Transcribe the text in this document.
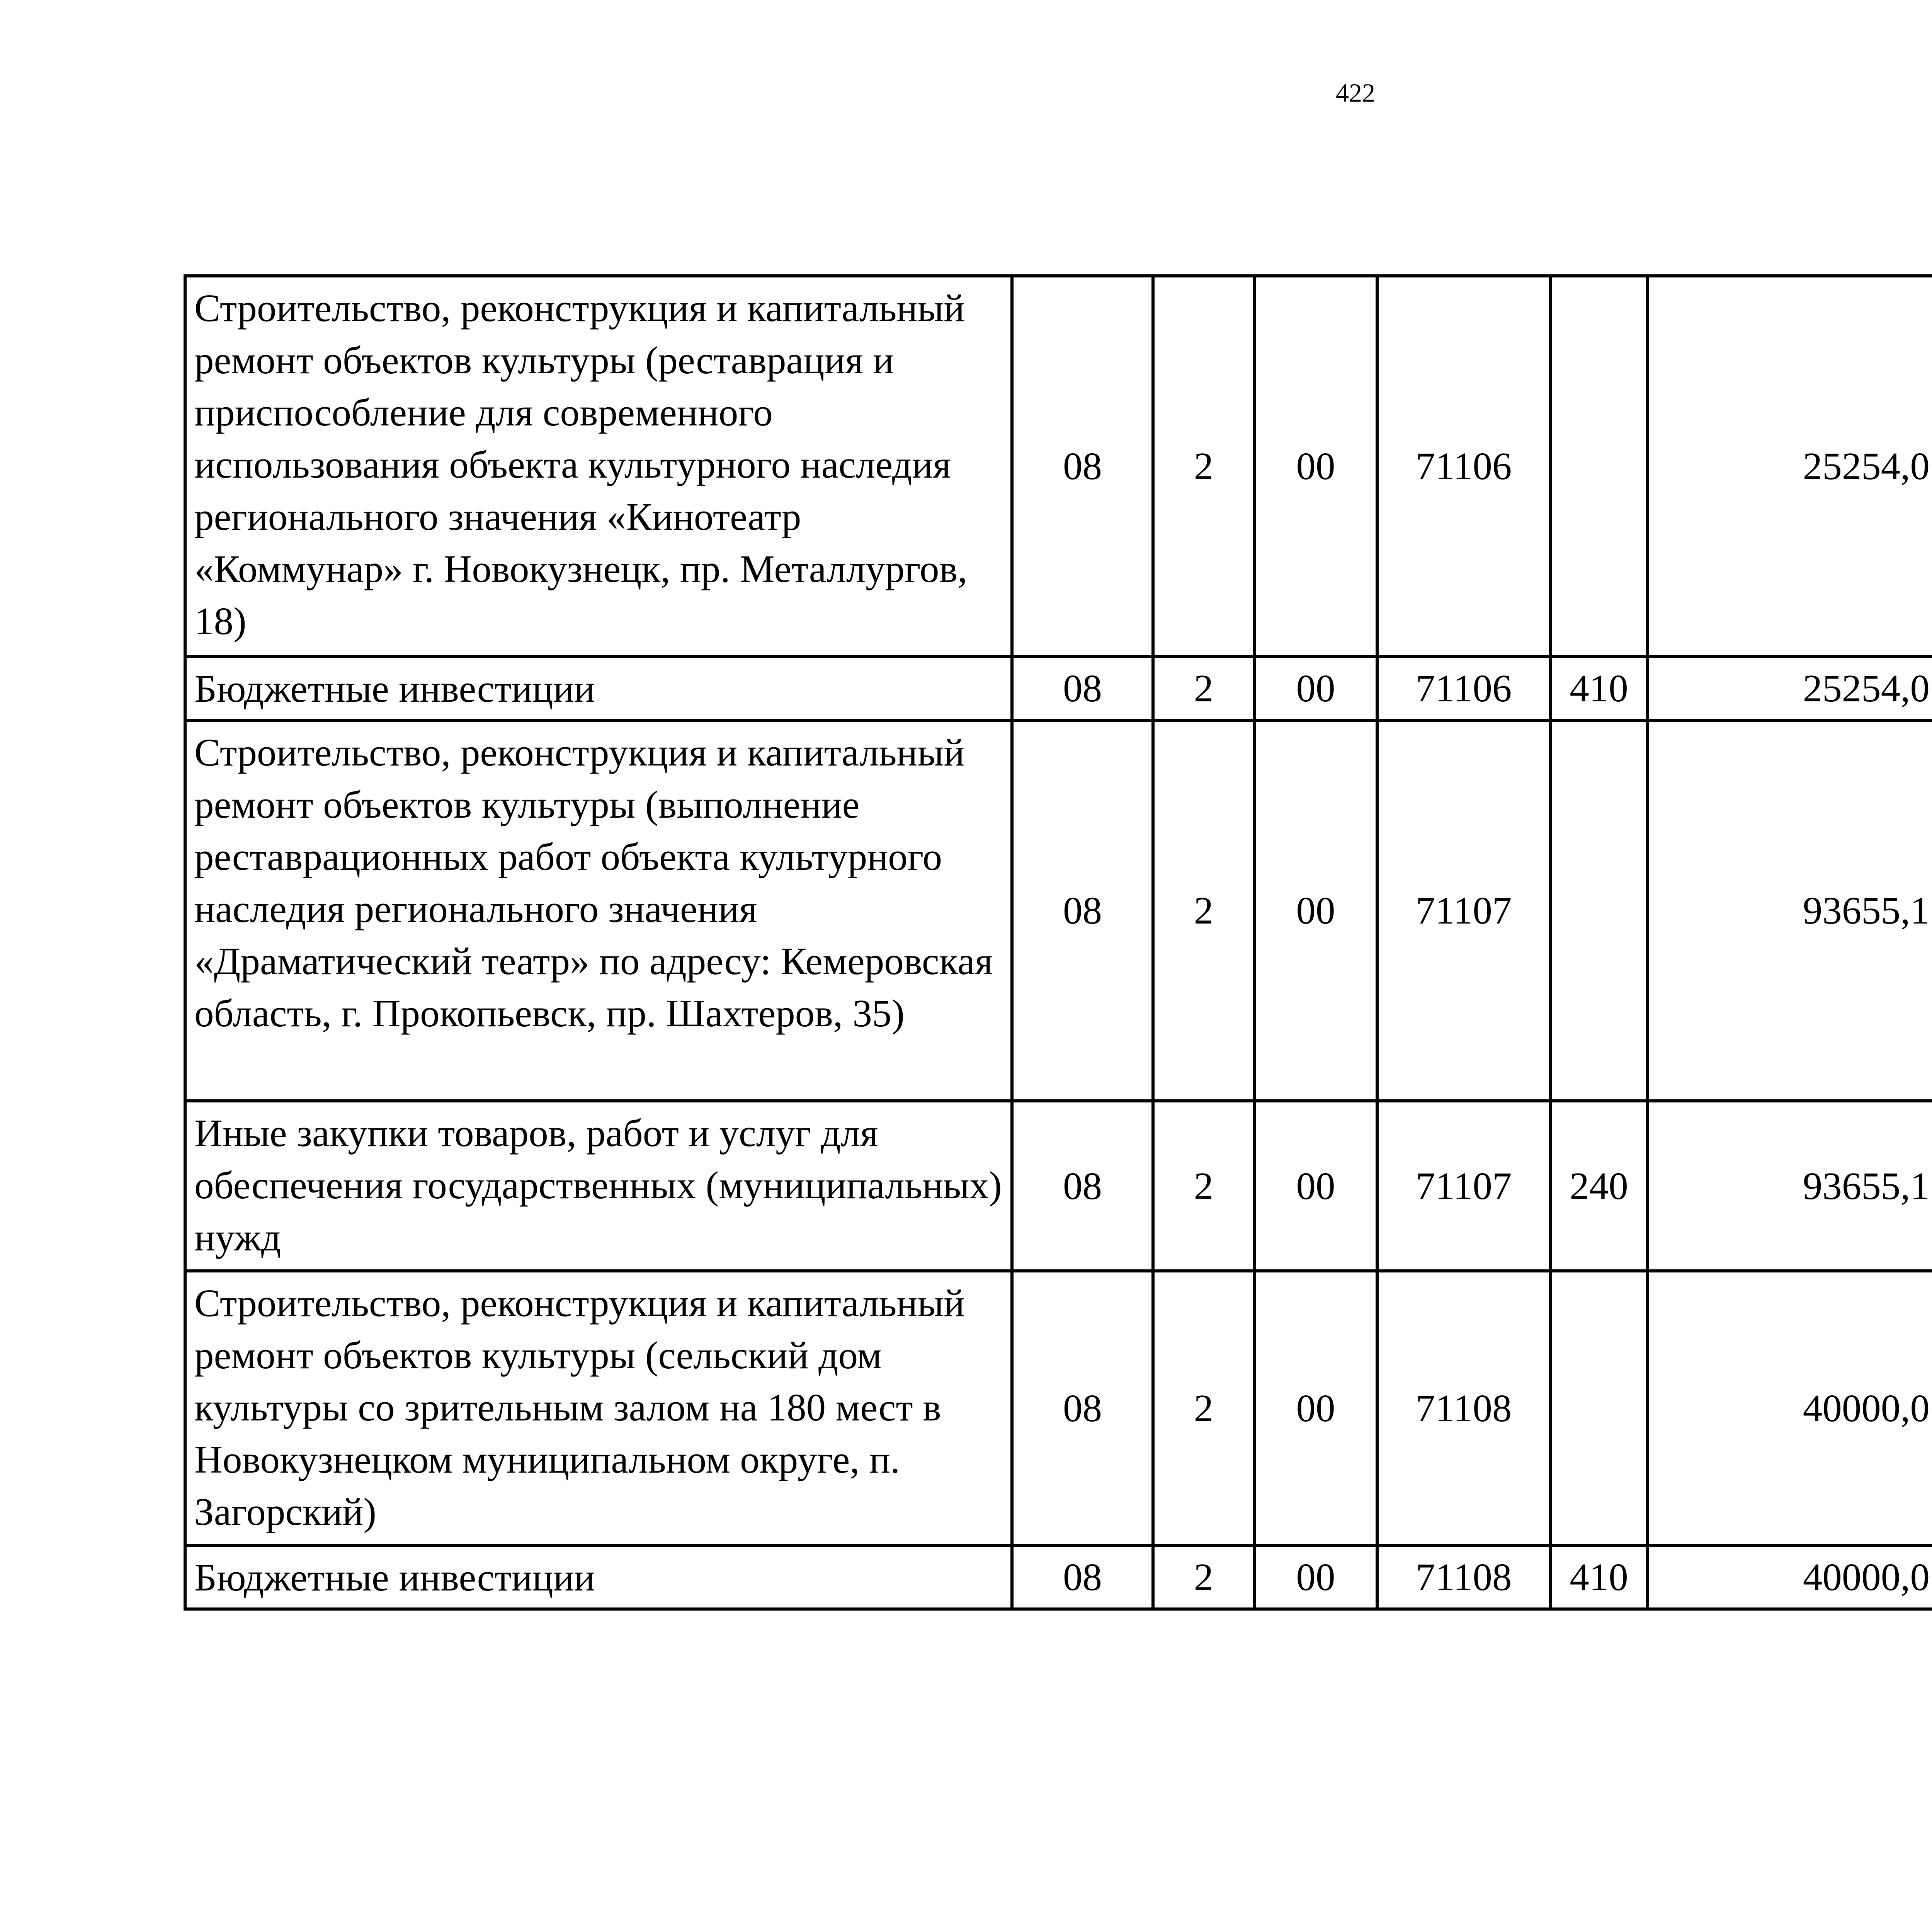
422
Строительство, реконструкция и капитальный ремонт объектов культуры (реставрация и приспособление для современного использования объекта культурного наследия регионального значения «Кинотеатр «Коммунар» г. Новокузнецк, пр. Металлургов, 18)	08	2	00	71106		25254,0		
Бюджетные инвестиции	08	2	00	71106	410	25254,0		
Строительство, реконструкция и капитальный ремонт объектов культуры (выполнение реставрационных работ объекта культурного наследия регионального значения «Драматический театр» по адресу: Кемеровская область, г. Прокопьевск, пр. Шахтеров, 35)	08	2	00	71107		93655,1		
Иные закупки товаров, работ и услуг для обеспечения государственных (муниципальных) нужд	08	2	00	71107	240	93655,1		
Строительство, реконструкция и капитальный ремонт объектов культуры (сельский дом культуры со зрительным залом на 180 мест в Новокузнецком муниципальном округе, п. Загорский)	08	2	00	71108		40000,0		
Бюджетные инвестиции	08	2	00	71108	410	40000,0		
